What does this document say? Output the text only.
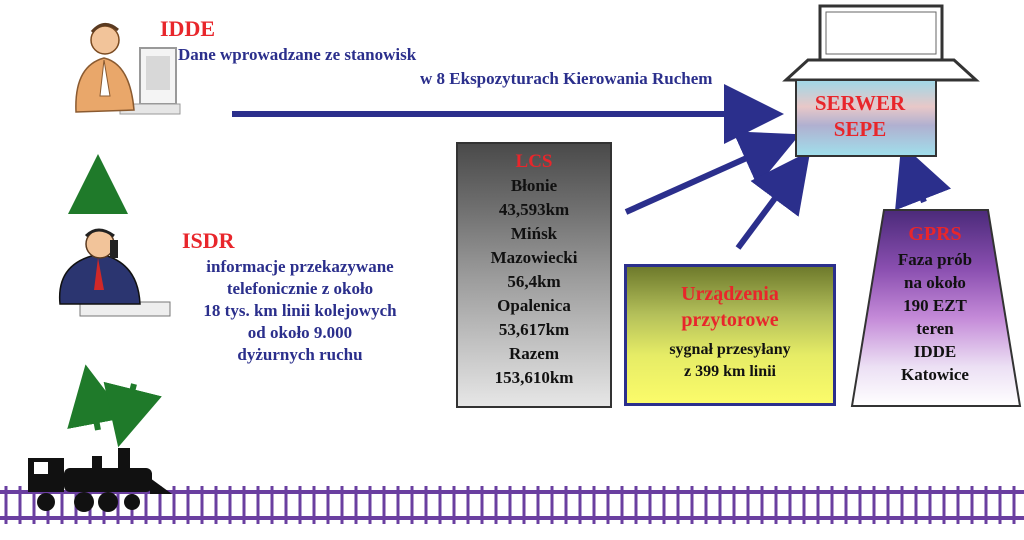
IDDE
Dane wprowadzane ze stanowisk
w 8 Ekspozyturach Kierowania Ruchem
SERWER
SEPE
ISDR
informacje przekazywane
telefonicznie z około
18 tys. km linii kolejowych
od około 9.000
dyżurnych ruchu
LCS
Błonie
43,593km
Mińsk
Mazowiecki
56,4km
Opalenica
53,617km
Razem
153,610km
Urządzenia
przytorowe
sygnał przesyłany
z 399 km linii
GPRS
Faza prób
na około
190 EZT
teren
IDDE
Katowice
